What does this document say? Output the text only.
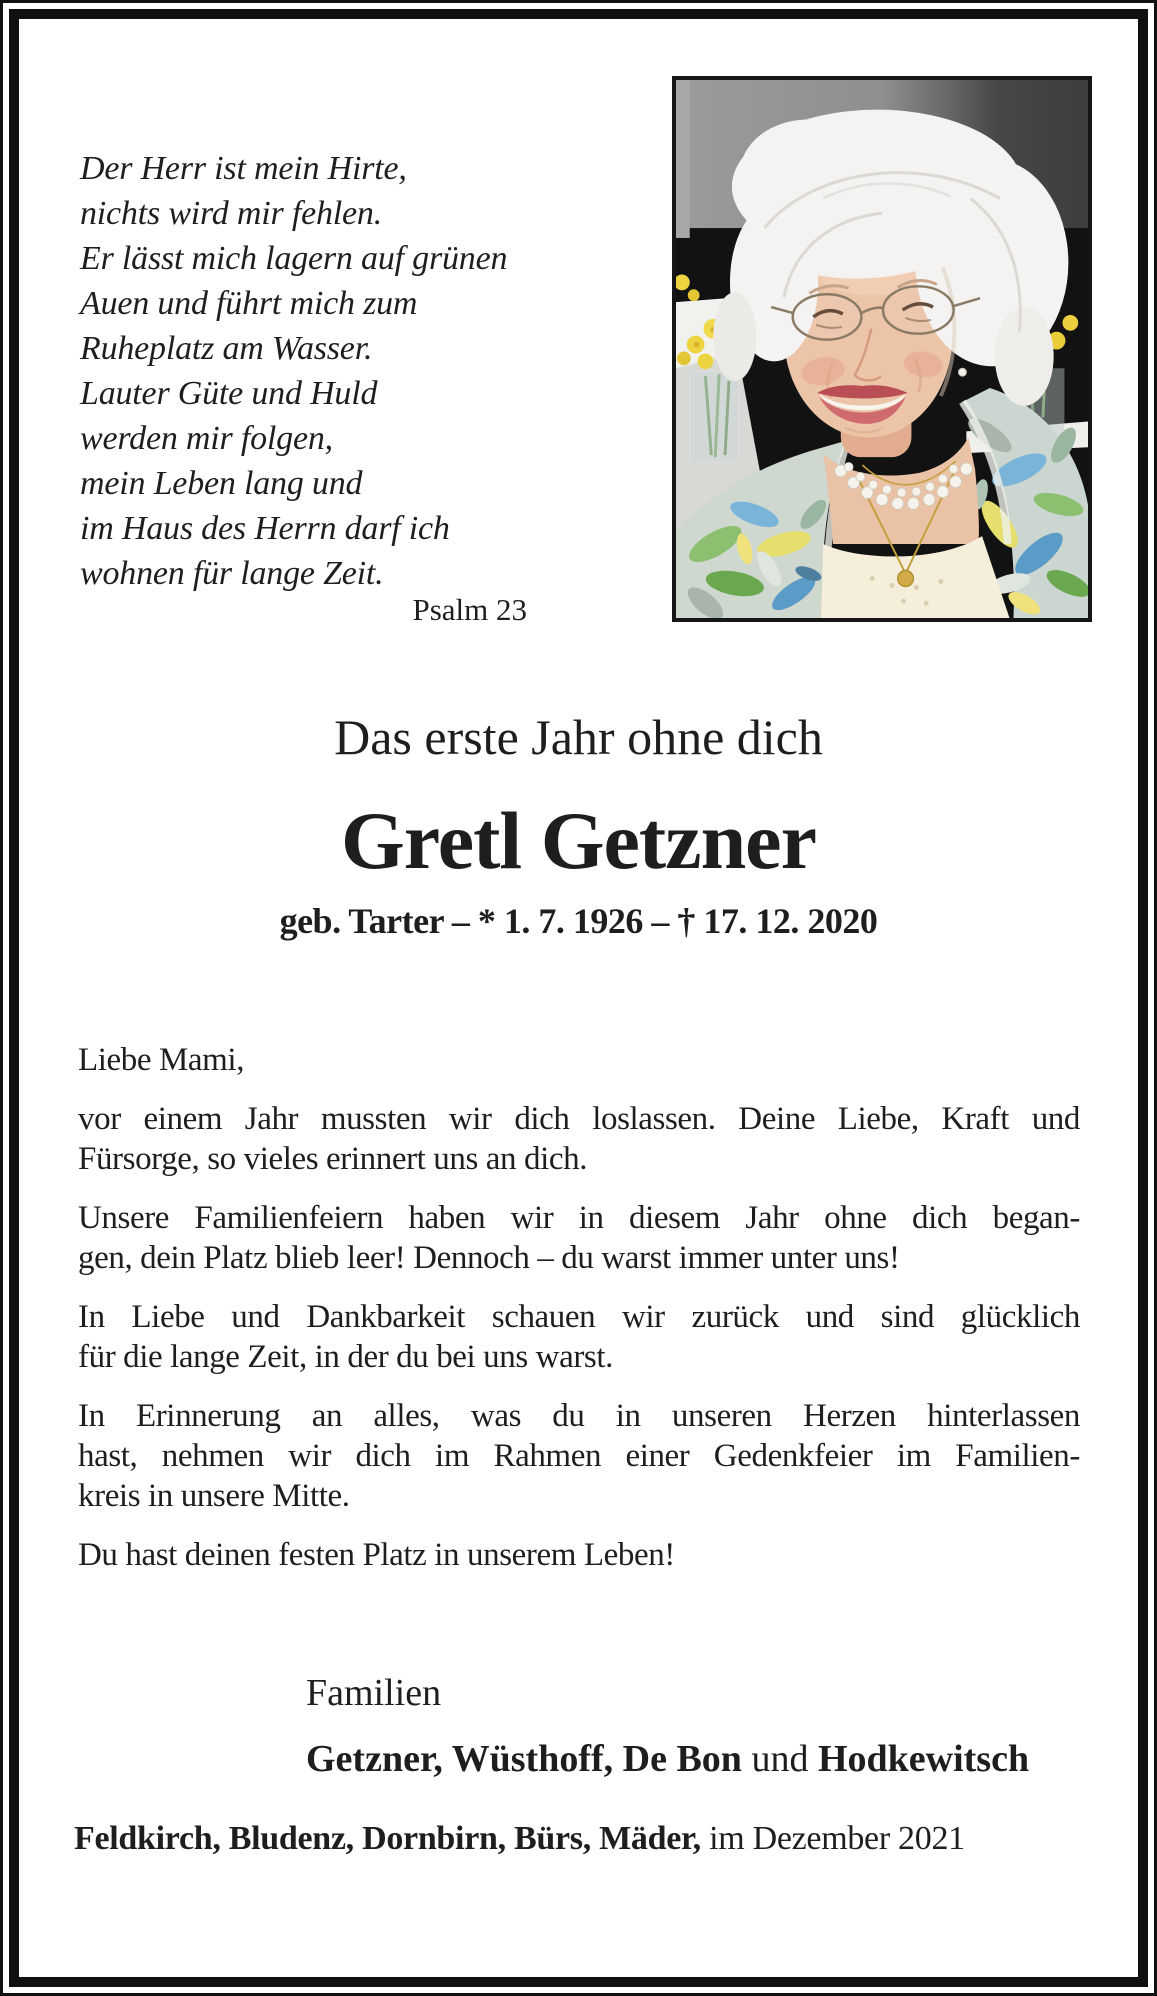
Der Herr ist mein Hirte,
nichts wird mir fehlen.
Er lässt mich lagern auf grünen
Auen und führt mich zum
Ruheplatz am Wasser.
Lauter Güte und Huld
werden mir folgen,
mein Leben lang und
im Haus des Herrn darf ich
wohnen für lange Zeit.
Psalm 23
Das erste Jahr ohne dich
Gretl Getzner
geb. Tarter – * 1. 7. 1926 – † 17. 12. 2020
Liebe Mami,
vor einem Jahr mussten wir dich loslassen. Deine Liebe, Kraft und
Fürsorge, so vieles erinnert uns an dich.
Unsere Familienfeiern haben wir in diesem Jahr ohne dich began-
gen, dein Platz blieb leer! Dennoch – du warst immer unter uns!
In Liebe und Dankbarkeit schauen wir zurück und sind glücklich
für die lange Zeit, in der du bei uns warst.
In Erinnerung an alles, was du in unseren Herzen hinterlassen
hast, nehmen wir dich im Rahmen einer Gedenkfeier im Familien-
kreis in unsere Mitte.
Du hast deinen festen Platz in unserem Leben!
Familien
Getzner, Wüsthoff, De Bon und Hodkewitsch
Feldkirch, Bludenz, Dornbirn, Bürs, Mäder, im Dezember 2021
